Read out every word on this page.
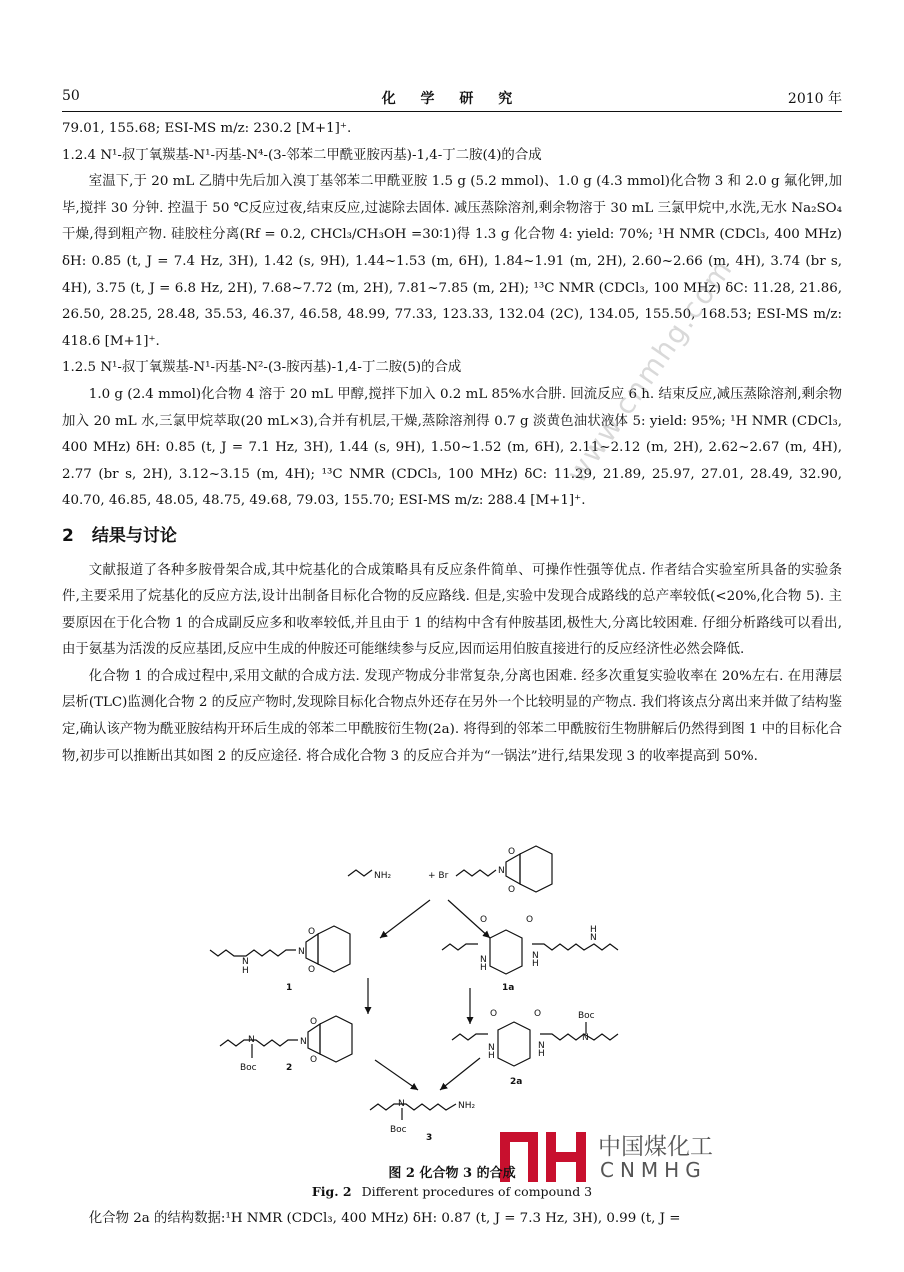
50	化 学 研 究	2010 年

79.01, 155.68; ESI-MS m/z: 230.2 [M+1]⁺.

1.2.4 N¹-叔丁氧羰基-N¹-丙基-N⁴-(3-邻苯二甲酰亚胺丙基)-1,4-丁二胺(4)的合成

室温下,于 20 mL 乙腈中先后加入溴丁基邻苯二甲酰亚胺 1.5 g (5.2 mmol)、1.0 g (4.3 mmol)化合物 3 和 2.0 g 氟化钾,加毕,搅拌 30 分钟. 控温于 50 ℃反应过夜,结束反应,过滤除去固体. 减压蒸除溶剂,剩余物溶于 30 mL 三氯甲烷中,水洗,无水 Na₂SO₄干燥,得到粗产物. 硅胶柱分离(Rf = 0.2, CHCl₃/CH₃OH =30∶1)得 1.3 g 化合物 4: yield: 70%; ¹H NMR (CDCl₃, 400 MHz) δH: 0.85 (t, J = 7.4 Hz, 3H), 1.42 (s, 9H), 1.44~1.53 (m, 6H), 1.84~1.91 (m, 2H), 2.60~2.66 (m, 4H), 3.74 (br s, 4H), 3.75 (t, J = 6.8 Hz, 2H), 7.68~7.72 (m, 2H), 7.81~7.85 (m, 2H); ¹³C NMR (CDCl₃, 100 MHz) δC: 11.28, 21.86, 26.50, 28.25, 28.48, 35.53, 46.37, 46.58, 48.99, 77.33, 123.33, 132.04 (2C), 134.05, 155.50, 168.53; ESI-MS m/z: 418.6 [M+1]⁺.

1.2.5 N¹-叔丁氧羰基-N¹-丙基-N²-(3-胺丙基)-1,4-丁二胺(5)的合成

1.0 g (2.4 mmol)化合物 4 溶于 20 mL 甲醇,搅拌下加入 0.2 mL 85%水合肼. 回流反应 6 h. 结束反应,减压蒸除溶剂,剩余物加入 20 mL 水,三氯甲烷萃取(20 mL×3),合并有机层,干燥,蒸除溶剂得 0.7 g 淡黄色油状液体 5: yield: 95%; ¹H NMR (CDCl₃, 400 MHz) δH: 0.85 (t, J = 7.1 Hz, 3H), 1.44 (s, 9H), 1.50~1.52 (m, 6H), 2.11~2.12 (m, 2H), 2.62~2.67 (m, 4H), 2.77 (br s, 2H), 3.12~3.15 (m, 4H); ¹³C NMR (CDCl₃, 100 MHz) δC: 11.29, 21.89, 25.97, 27.01, 28.49, 32.90, 40.70, 46.85, 48.05, 48.75, 49.68, 79.03, 155.70; ESI-MS m/z: 288.4 [M+1]⁺.

2 结果与讨论

文献报道了各种多胺骨架合成,其中烷基化的合成策略具有反应条件简单、可操作性强等优点. 作者结合实验室所具备的实验条件,主要采用了烷基化的反应方法,设计出制备目标化合物的反应路线. 但是,实验中发现合成路线的总产率较低(<20%,化合物 5). 主要原因在于化合物 1 的合成副反应多和收率较低,并且由于 1 的结构中含有仲胺基团,极性大,分离比较困难. 仔细分析路线可以看出,由于氨基为活泼的反应基团,反应中生成的仲胺还可能继续参与反应,因而运用伯胺直接进行的反应经济性必然会降低.

化合物 1 的合成过程中,采用文献的合成方法. 发现产物成分非常复杂,分离也困难. 经多次重复实验收率在 20%左右. 在用薄层层析(TLC)监测化合物 2 的反应产物时,发现除目标化合物点外还存在另外一个比较明显的产物点. 我们将该点分离出来并做了结构鉴定,确认该产物为酰亚胺结构开环后生成的邻苯二甲酰胺衍生物(2a). 将得到的邻苯二甲酰胺衍生物肼解后仍然得到图 1 中的目标化合物,初步可以推断出其如图 2 的反应途径. 将合成化合物 3 的反应合并为“一锅法”进行,结果发现 3 的收率提高到 50%.

www.cnmhg.com
NH₂	+ Br
O
O
N
N
H
N
O
O
1
O	O
N
H
N
H
N
H
1a
N
Boc
N
O
O
2
O	O
N
H
N
H
N
Boc
2a
N
Boc
NH₂
3	中国煤化工
CNMHG
图 2 化合物 3 的合成
Fig. 2 Different procedures of compound 3
化合物 2a 的结构数据:¹H NMR (CDCl₃, 400 MHz) δH: 0.87 (t, J = 7.3 Hz, 3H), 0.99 (t, J =
